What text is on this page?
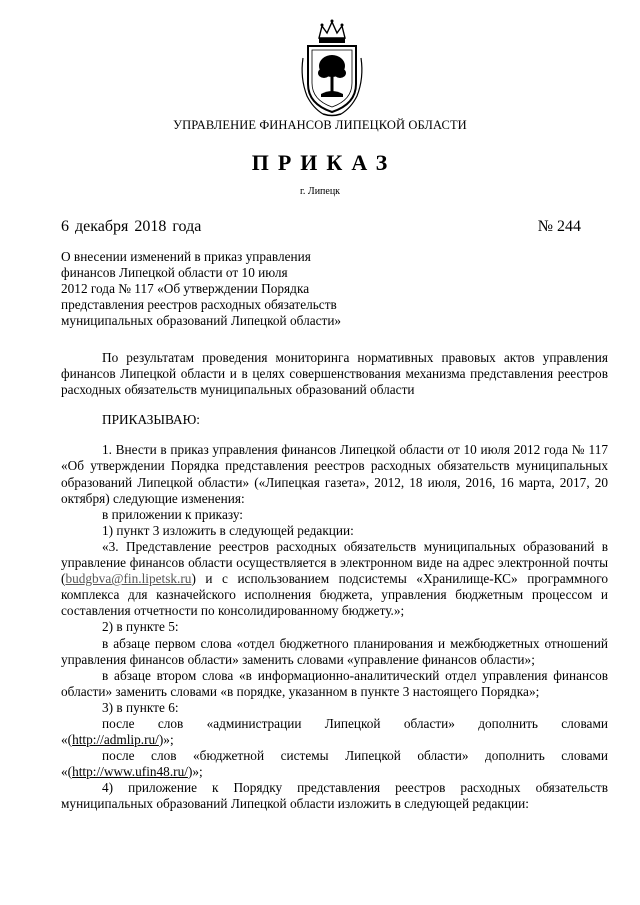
УПРАВЛЕНИЕ ФИНАНСОВ ЛИПЕЦКОЙ ОБЛАСТИ
ПРИКАЗ
г. Липецк
6 декабря 2018 года	№ 244
О внесении изменений в приказ управления
финансов Липецкой области от 10 июля
2012 года № 117 «Об утверждении Порядка
представления реестров расходных обязательств
муниципальных образований Липецкой области»

По результатам проведения мониторинга нормативных правовых актов управления финансов Липецкой области и в целях совершенствования механизма представления реестров расходных обязательств муниципальных образований области

ПРИКАЗЫВАЮ:

1. Внести в приказ управления финансов Липецкой области от 10 июля 2012 года № 117 «Об утверждении Порядка представления реестров расходных обязательств муниципальных образований Липецкой области» («Липецкая газета», 2012, 18 июля, 2016, 16 марта, 2017, 20 октября) следующие изменения:

в приложении к приказу:

1) пункт 3 изложить в следующей редакции:

«3. Представление реестров расходных обязательств муниципальных образований в управление финансов области осуществляется в электронном виде на адрес электронной почты (budgbva@fin.lipetsk.ru) и с использованием подсистемы «Хранилище-КС» программного комплекса для казначейского исполнения бюджета, управления бюджетным процессом и составления отчетности по консолидированному бюджету.»;

2) в пункте 5:

в абзаце первом слова «отдел бюджетного планирования и межбюджетных отношений управления финансов области» заменить словами «управление финансов области»;

в абзаце втором слова «в информационно-аналитический отдел управления финансов области» заменить словами «в порядке, указанном в пункте 3 настоящего Порядка»;

3) в пункте 6:

после слов «администрации Липецкой области» дополнить словами

«(http://admlip.ru/)»;

после слов «бюджетной системы Липецкой области» дополнить словами

«(http://www.ufin48.ru/)»;

4) приложение к Порядку представления реестров расходных обязательств муниципальных образований Липецкой области изложить в следующей редакции:
